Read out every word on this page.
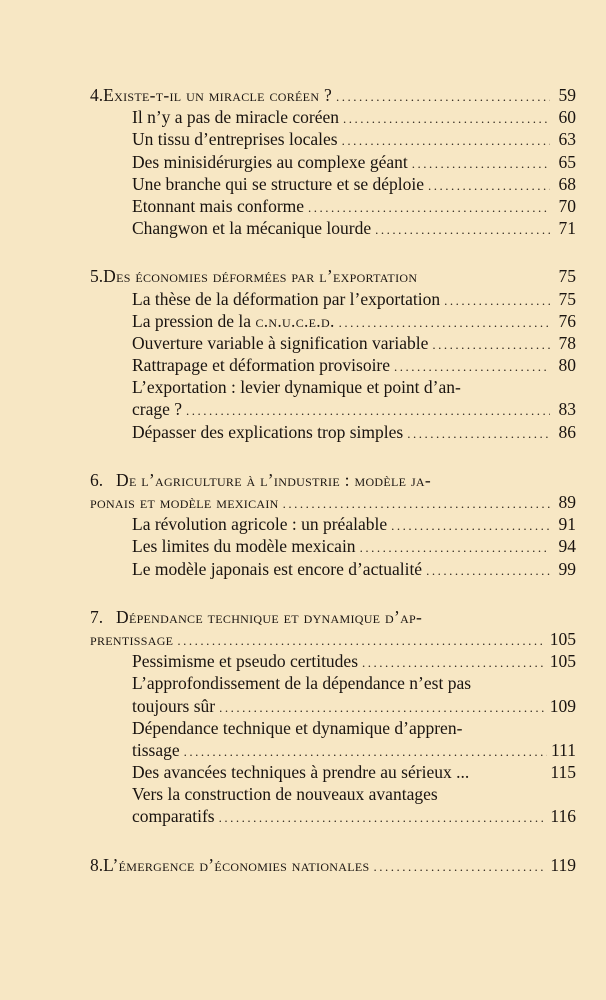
4. Existe-t-il un miracle coréen ? .....	59
Il n’y a pas de miracle coréen .....	60
Un tissu d’entreprises locales .....	63
Des minisidérurgies au complexe géant .....	65
Une branche qui se structure et se déploie .....	68
Etonnant mais conforme .....	70
Changwon et la mécanique lourde .....	71
5. Des économies déformées par l’exportation	75
La thèse de la déformation par l’exportation .....	75
La pression de la c.n.u.c.e.d. .....	76
Ouverture variable à signification variable .....	78
Rattrapage et déformation provisoire .....	80
L’exportation : levier dynamique et point d’an-
crage ? .....	83
Dépasser des explications trop simples .....	86
6. De l’agriculture à l’industrie : modèle ja-
ponais et modèle mexicain .....	89
La révolution agricole : un préalable .....	91
Les limites du modèle mexicain .....	94
Le modèle japonais est encore d’actualité .....	99
7. Dépendance technique et dynamique d’ap-
prentissage .....	105
Pessimisme et pseudo certitudes .....	105
L’approfondissement de la dépendance n’est pas
toujours sûr .....	109
Dépendance technique et dynamique d’appren-
tissage .....	111
Des avancées techniques à prendre au sérieux ...	115
Vers la construction de nouveaux avantages
comparatifs .....	116
8. L’émergence d’économies nationales .....	119
